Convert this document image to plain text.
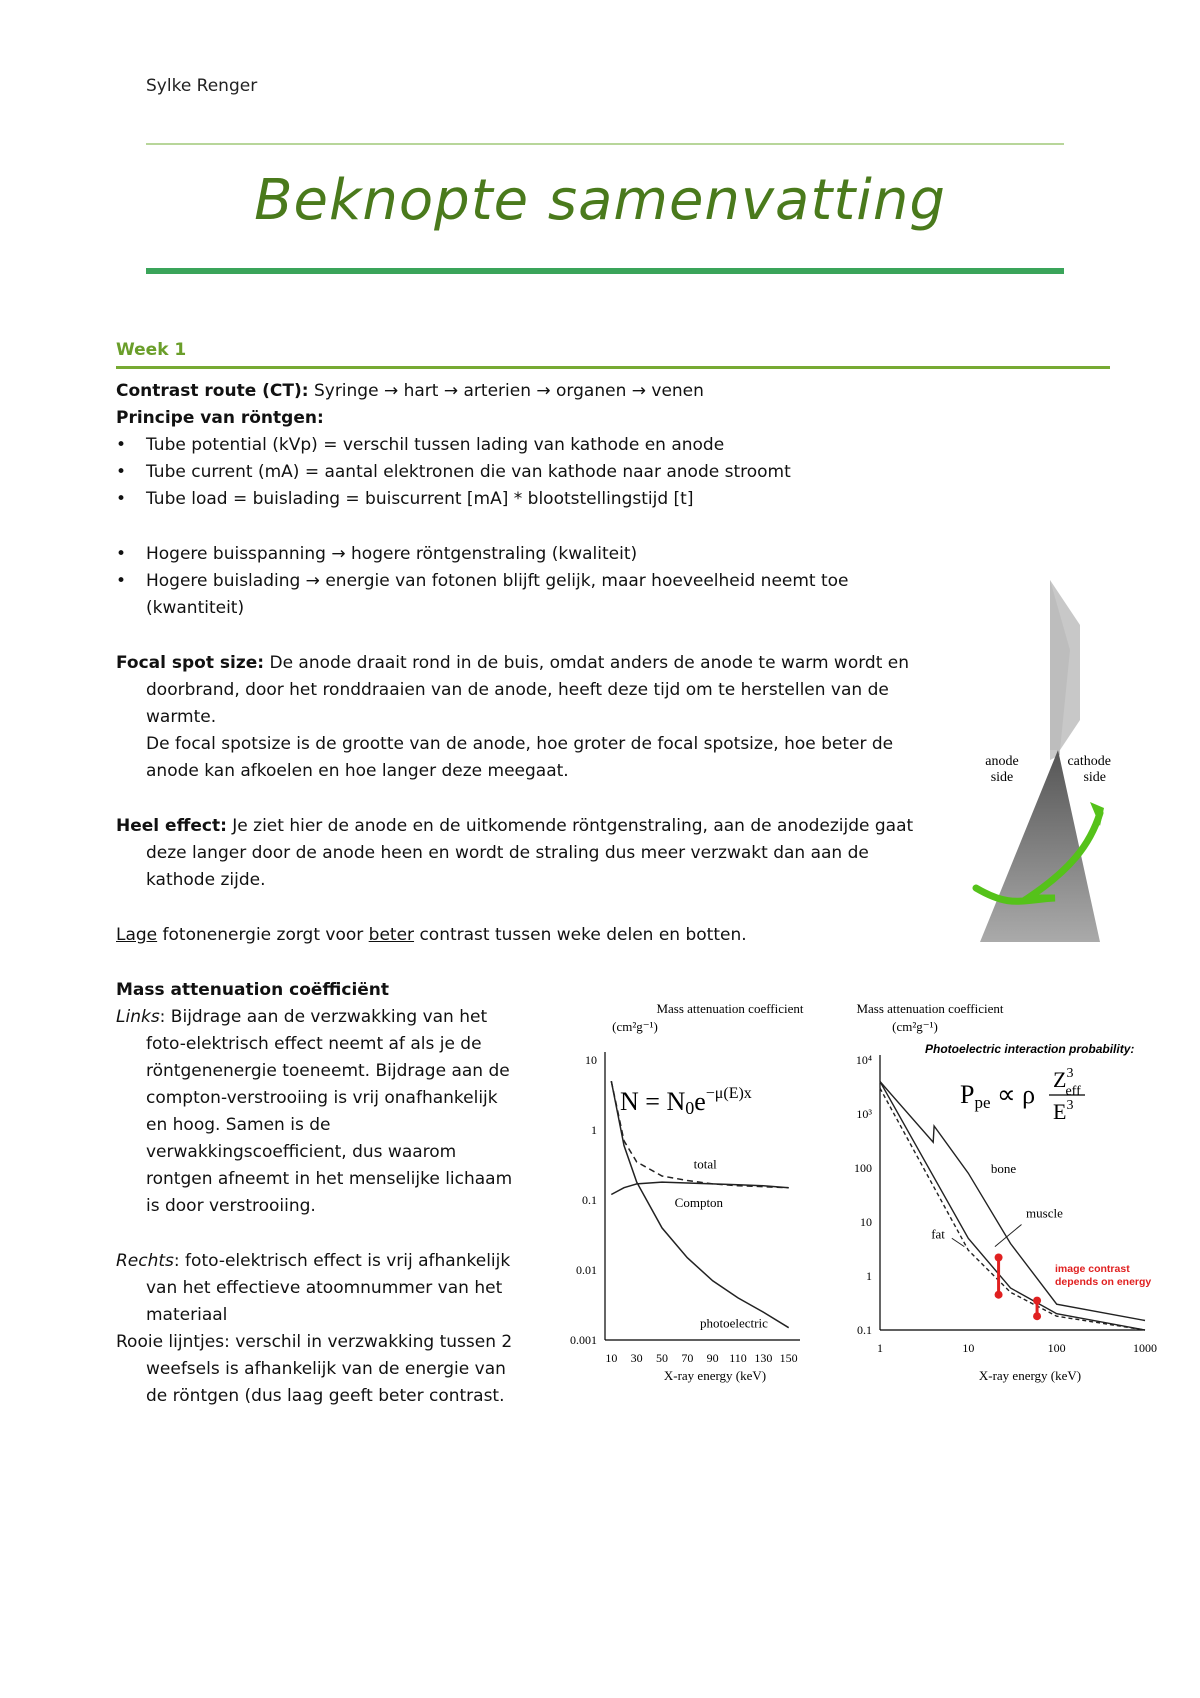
Sylke Renger
Beknopte samenvatting
Week 1
Contrast route (CT): Syringe → hart → arterien → organen → venen
Principe van röntgen:
Tube potential (kVp) = verschil tussen lading van kathode en anode
Tube current (mA) = aantal elektronen die van kathode naar anode stroomt
Tube load = buislading = buiscurrent [mA] * blootstellingstijd [t]
Hogere buisspanning → hogere röntgenstraling (kwaliteit)
Hogere buislading → energie van fotonen blijft gelijk, maar hoeveelheid neemt toe
(kwantiteit)
Focal spot size: De anode draait rond in de buis, omdat anders de anode te warm wordt en
doorbrand, door het ronddraaien van de anode, heeft deze tijd om te herstellen van de
warmte.
De focal spotsize is de grootte van de anode, hoe groter de focal spotsize, hoe beter de
anode kan afkoelen en hoe langer deze meegaat.
Heel effect: Je ziet hier de anode en de uitkomende röntgenstraling, aan de anodezijde gaat
deze langer door de anode heen en wordt de straling dus meer verzwakt dan aan de
kathode zijde.
Lage fotonenergie zorgt voor beter contrast tussen weke delen en botten.
Mass attenuation coëfficiënt
Links: Bijdrage aan de verzwakking van het
foto-elektrisch effect neemt af als je de
röntgenenergie toeneemt. Bijdrage aan de
compton-verstrooiing is vrij onafhankelijk
en hoog. Samen is de
verwakkingscoefficient, dus waarom
rontgen afneemt in het menselijke lichaam
is door verstrooiing.
Rechts: foto-elektrisch effect is vrij afhankelijk
van het effectieve atoomnummer van het
materiaal
Rooie lijntjes: verschil in verzwakking tussen 2
weefsels is afhankelijk van de energie van
de röntgen (dus laag geeft beter contrast.
anode
side
cathode
side
Mass attenuation coefficient
(cm²g⁻¹)
$N = N0e^{-\mu(E)x}$
X-ray energy (keV)
10
1
0.1
0.01
0.001
10 30 50 70 90 110 130 150
total
Compton
photoelectric
Mass attenuation coefficient
(cm²g⁻¹)
Photoelectric interaction probability:
Ppe ∝ ρ
$Z^3$ eff
$E^3$
X-ray energy (keV)
image contrast
depends on energy
10⁴
10³
100
10
1
0.1
1	10	100	1000
bone
muscle
fat
